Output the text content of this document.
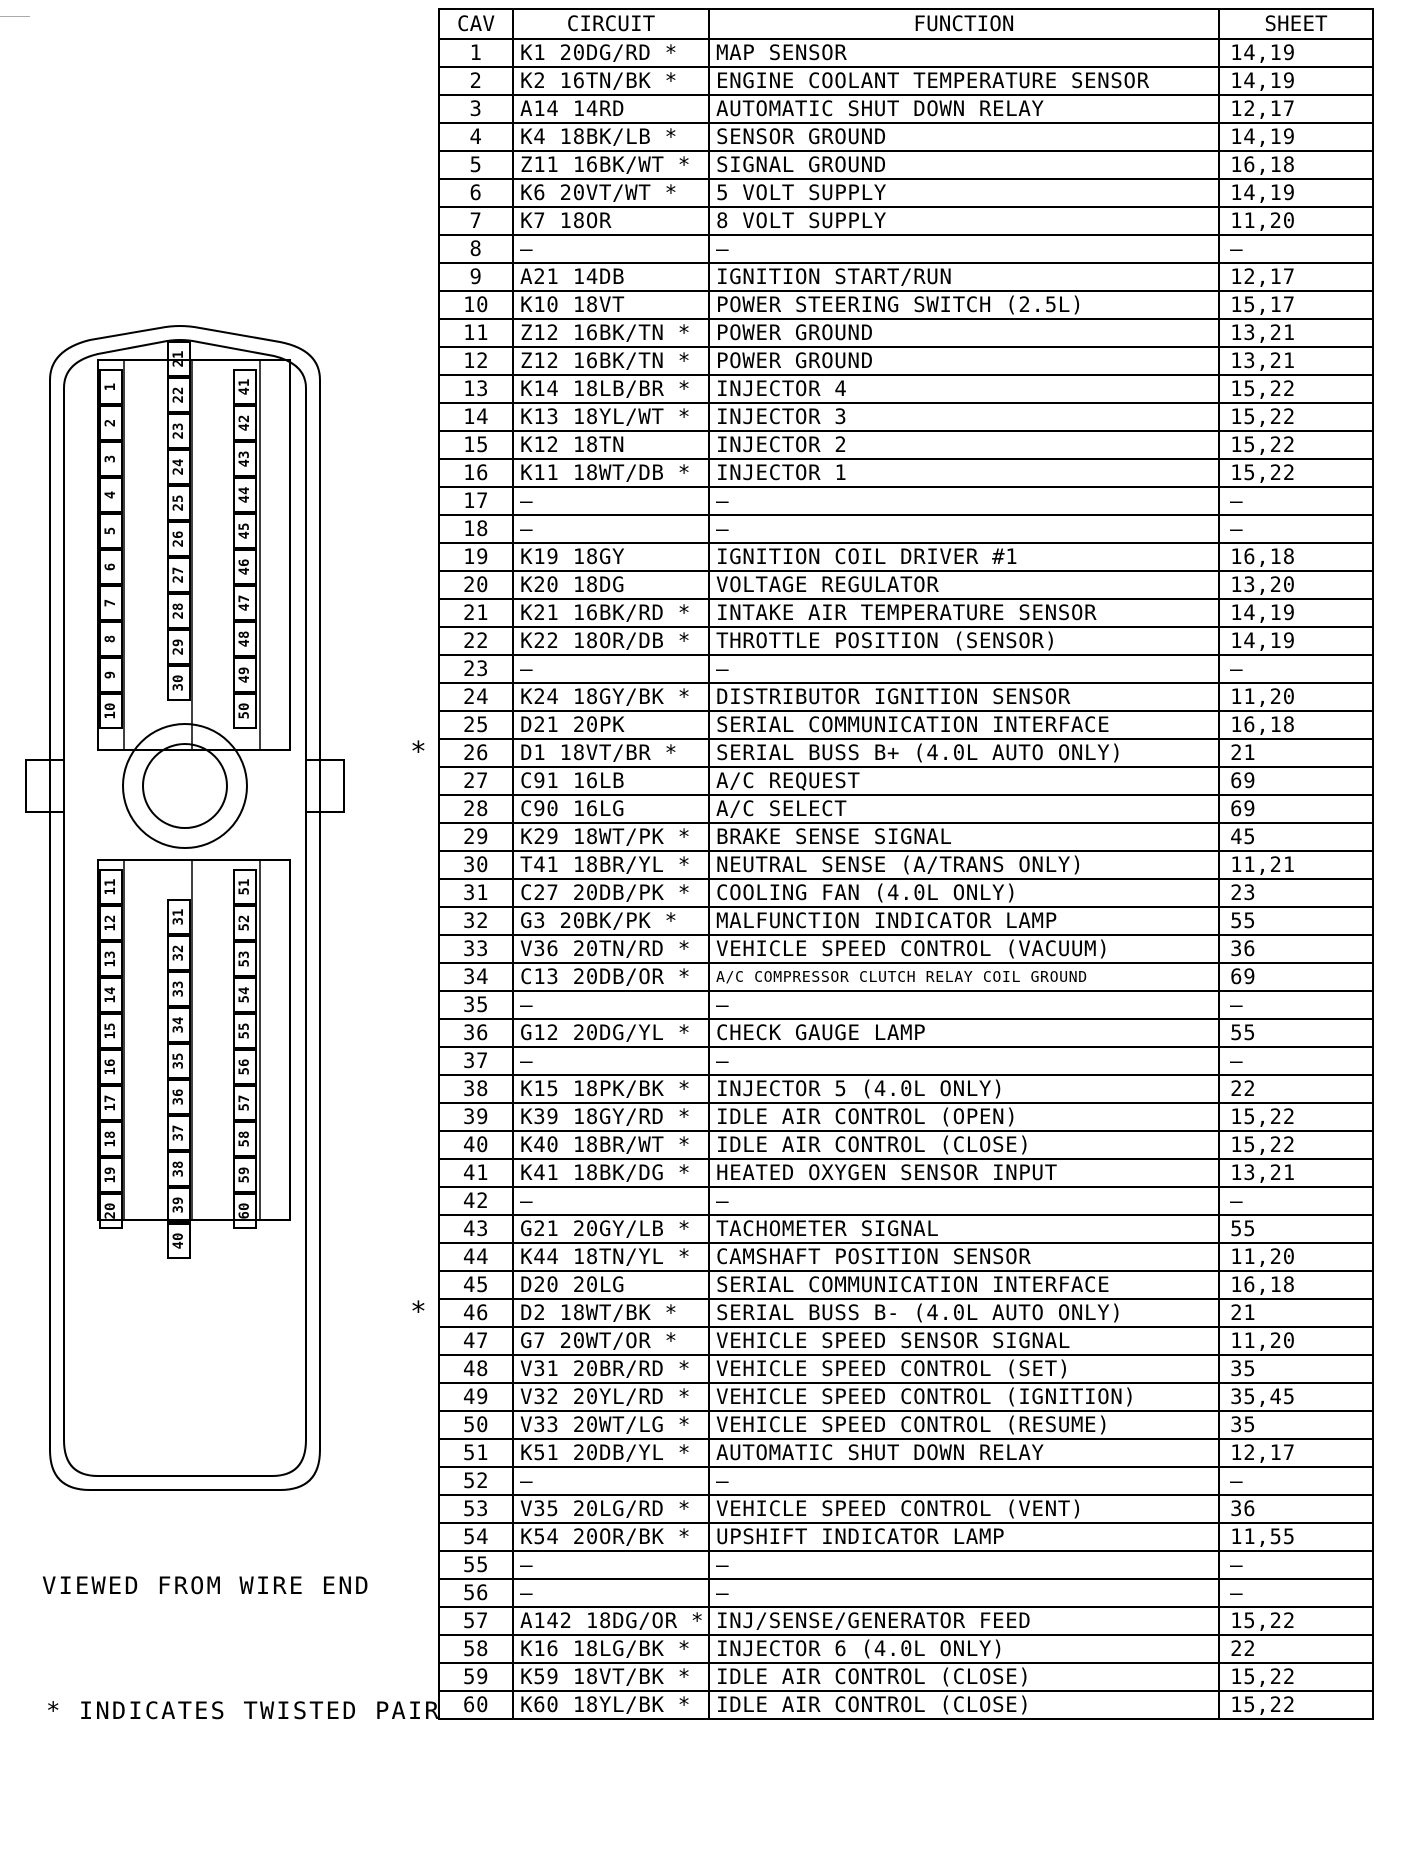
CAV	CIRCUIT	FUNCTION	SHEET
1	K1 20DG/RD *	MAP SENSOR	14,19
2	K2 16TN/BK *	ENGINE COOLANT TEMPERATURE SENSOR	14,19
3	A14 14RD	AUTOMATIC SHUT DOWN RELAY	12,17
4	K4 18BK/LB *	SENSOR GROUND	14,19
5	Z11 16BK/WT *	SIGNAL GROUND	16,18
6	K6 20VT/WT *	5 VOLT SUPPLY	14,19
7	K7 18OR	8 VOLT SUPPLY	11,20
8	—	—	—
9	A21 14DB	IGNITION START/RUN	12,17
10	K10 18VT	POWER STEERING SWITCH (2.5L)	15,17
11	Z12 16BK/TN *	POWER GROUND	13,21
12	Z12 16BK/TN *	POWER GROUND	13,21
13	K14 18LB/BR *	INJECTOR 4	15,22
14	K13 18YL/WT *	INJECTOR 3	15,22
15	K12 18TN	INJECTOR 2	15,22
16	K11 18WT/DB *	INJECTOR 1	15,22
17	—	—	—
18	—	—	—
19	K19 18GY	IGNITION COIL DRIVER #1	16,18
20	K20 18DG	VOLTAGE REGULATOR	13,20
21	K21 16BK/RD *	INTAKE AIR TEMPERATURE SENSOR	14,19
22	K22 18OR/DB *	THROTTLE POSITION (SENSOR)	14,19
23	—	—	—
24	K24 18GY/BK *	DISTRIBUTOR IGNITION SENSOR	11,20
25	D21 20PK	SERIAL COMMUNICATION INTERFACE	16,18
26	D1 18VT/BR *	SERIAL BUSS B+ (4.0L AUTO ONLY)	21
27	C91 16LB	A/C REQUEST	69
28	C90 16LG	A/C SELECT	69
29	K29 18WT/PK *	BRAKE SENSE SIGNAL	45
30	T41 18BR/YL *	NEUTRAL SENSE (A/TRANS ONLY)	11,21
31	C27 20DB/PK *	COOLING FAN (4.0L ONLY)	23
32	G3 20BK/PK *	MALFUNCTION INDICATOR LAMP	55
33	V36 20TN/RD *	VEHICLE SPEED CONTROL (VACUUM)	36
34	C13 20DB/OR *	A/C COMPRESSOR CLUTCH RELAY COIL GROUND	69
35	—	—	—
36	G12 20DG/YL *	CHECK GAUGE LAMP	55
37	—	—	—
38	K15 18PK/BK *	INJECTOR 5 (4.0L ONLY)	22
39	K39 18GY/RD *	IDLE AIR CONTROL (OPEN)	15,22
40	K40 18BR/WT *	IDLE AIR CONTROL (CLOSE)	15,22
41	K41 18BK/DG *	HEATED OXYGEN SENSOR INPUT	13,21
42	—	—	—
43	G21 20GY/LB *	TACHOMETER SIGNAL	55
44	K44 18TN/YL *	CAMSHAFT POSITION SENSOR	11,20
45	D20 20LG	SERIAL COMMUNICATION INTERFACE	16,18
46	D2 18WT/BK *	SERIAL BUSS B- (4.0L AUTO ONLY)	21
47	G7 20WT/OR *	VEHICLE SPEED SENSOR SIGNAL	11,20
48	V31 20BR/RD *	VEHICLE SPEED CONTROL (SET)	35
49	V32 20YL/RD *	VEHICLE SPEED CONTROL (IGNITION)	35,45
50	V33 20WT/LG *	VEHICLE SPEED CONTROL (RESUME)	35
51	K51 20DB/YL *	AUTOMATIC SHUT DOWN RELAY	12,17
52	—	—	—
53	V35 20LG/RD *	VEHICLE SPEED CONTROL (VENT)	36
54	K54 20OR/BK *	UPSHIFT INDICATOR LAMP	11,55
55	—	—	—
56	—	—	—
57	A142 18DG/OR *	INJ/SENSE/GENERATOR FEED	15,22
58	K16 18LG/BK *	INJECTOR 6 (4.0L ONLY)	22
59	K59 18VT/BK *	IDLE AIR CONTROL (CLOSE)	15,22
60	K60 18YL/BK *	IDLE AIR CONTROL (CLOSE)	15,22
*
*
1
2
3
4
5
6
7
8
9
10
21
22
23
24
25
26
27
28
29
30
41
42
43
44
45
46
47
48
49
50
11
12
13
14
15
16
17
18
19
20
31
32
33
34
35
36
37
38
39
40
51
52
53
54
55
56
57
58
59
60
VIEWED FROM WIRE END
* INDICATES TWISTED PAIR
